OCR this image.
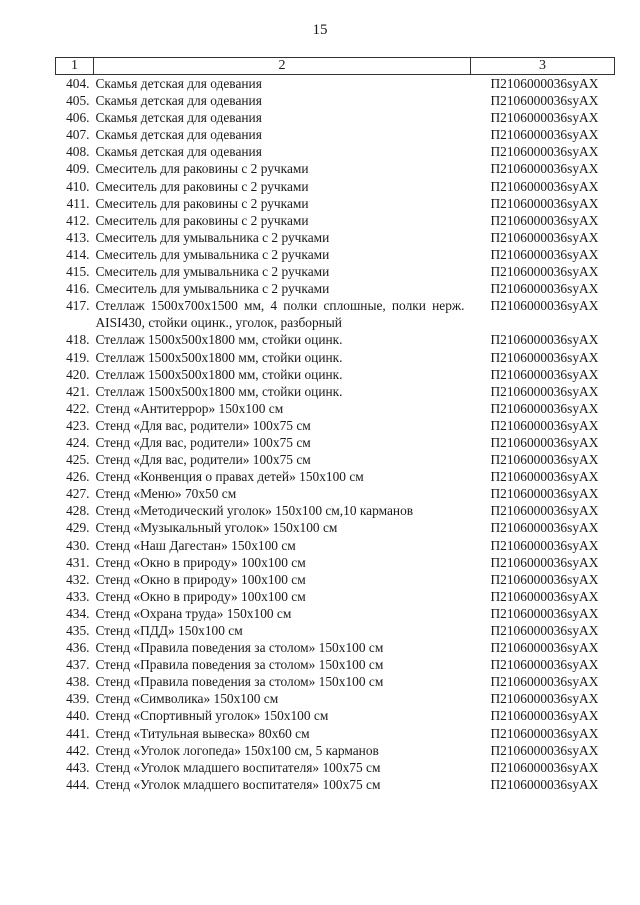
15
1	2	3
404.	Скамья детская для одевания	П2106000036syAX
405.	Скамья детская для одевания	П2106000036syAX
406.	Скамья детская для одевания	П2106000036syAX
407.	Скамья детская для одевания	П2106000036syAX
408.	Скамья детская для одевания	П2106000036syAX
409.	Смеситель для раковины с 2 ручками	П2106000036syAX
410.	Смеситель для раковины с 2 ручками	П2106000036syAX
411.	Смеситель для раковины с 2 ручками	П2106000036syAX
412.	Смеситель для раковины с 2 ручками	П2106000036syAX
413.	Смеситель для умывальника с 2 ручками	П2106000036syAX
414.	Смеситель для умывальника с 2 ручками	П2106000036syAX
415.	Смеситель для умывальника с 2 ручками	П2106000036syAX
416.	Смеситель для умывальника с 2 ручками	П2106000036syAX
417.	Стеллаж 1500х700х1500 мм, 4 полки сплошные, полки нерж. AISI430, стойки оцинк., уголок, разборный	П2106000036syAX
418.	Стеллаж 1500х500х1800 мм, стойки оцинк.	П2106000036syAX
419.	Стеллаж 1500х500х1800 мм, стойки оцинк.	П2106000036syAX
420.	Стеллаж 1500х500х1800 мм, стойки оцинк.	П2106000036syAX
421.	Стеллаж 1500х500х1800 мм, стойки оцинк.	П2106000036syAX
422.	Стенд «Антитеррор» 150х100 см	П2106000036syAX
423.	Стенд «Для вас, родители» 100х75 см	П2106000036syAX
424.	Стенд «Для вас, родители» 100х75 см	П2106000036syAX
425.	Стенд «Для вас, родители» 100х75 см	П2106000036syAX
426.	Стенд «Конвенция о правах детей» 150х100 см	П2106000036syAX
427.	Стенд «Меню» 70х50 см	П2106000036syAX
428.	Стенд «Методический уголок» 150х100 см,10 карманов	П2106000036syAX
429.	Стенд «Музыкальный уголок» 150х100 см	П2106000036syAX
430.	Стенд «Наш Дагестан» 150х100 см	П2106000036syAX
431.	Стенд «Окно в природу» 100х100 см	П2106000036syAX
432.	Стенд «Окно в природу» 100х100 см	П2106000036syAX
433.	Стенд «Окно в природу» 100х100 см	П2106000036syAX
434.	Стенд «Охрана труда» 150х100 см	П2106000036syAX
435.	Стенд «ПДД» 150х100 см	П2106000036syAX
436.	Стенд «Правила поведения за столом» 150х100 см	П2106000036syAX
437.	Стенд «Правила поведения за столом» 150х100 см	П2106000036syAX
438.	Стенд «Правила поведения за столом» 150х100 см	П2106000036syAX
439.	Стенд «Символика» 150х100 см	П2106000036syAX
440.	Стенд «Спортивный уголок» 150х100 см	П2106000036syAX
441.	Стенд «Титульная вывеска» 80х60 см	П2106000036syAX
442.	Стенд «Уголок логопеда» 150х100 см, 5 карманов	П2106000036syAX
443.	Стенд «Уголок младшего воспитателя» 100х75 см	П2106000036syAX
444.	Стенд «Уголок младшего воспитателя» 100х75 см	П2106000036syAX
